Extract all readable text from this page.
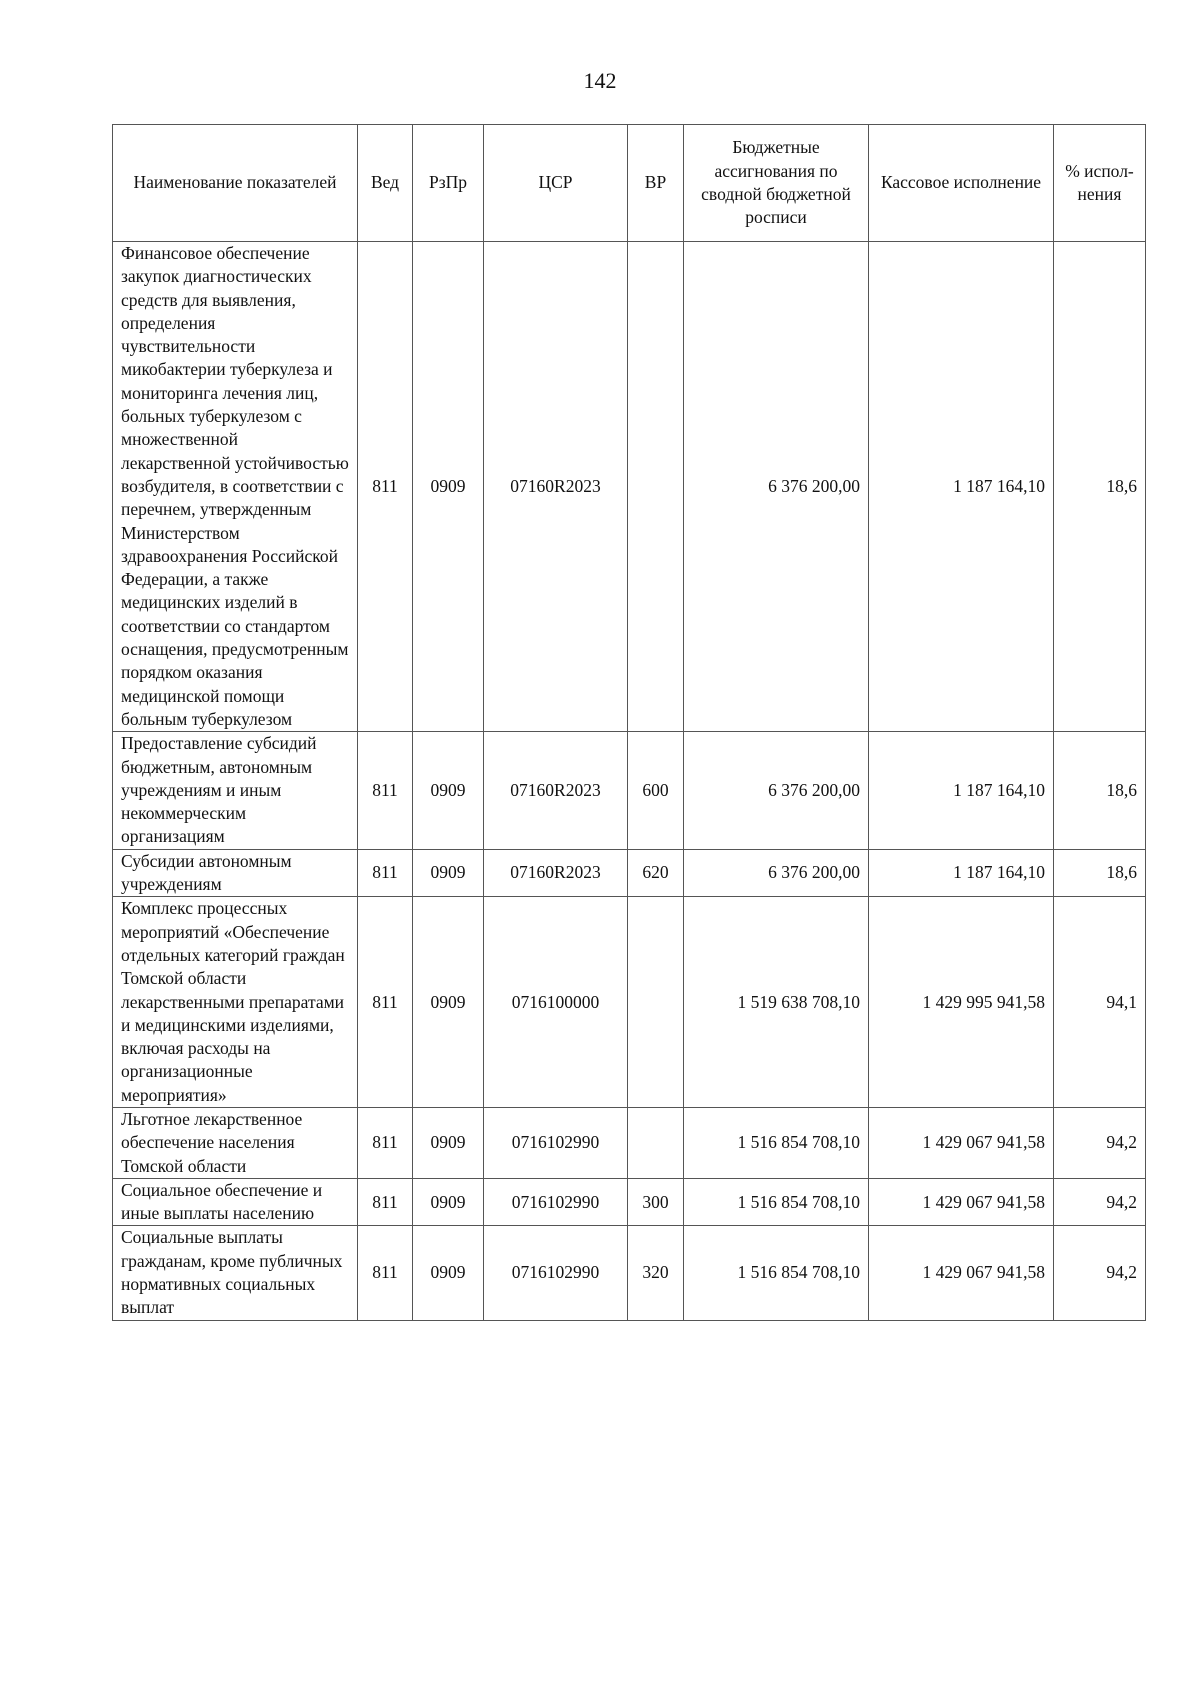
142
Наименование показателей	Вед	РзПр	ЦСР	ВР	Бюджетные ассигнования по сводной бюджетной росписи	Кассовое исполнение	% испол-нения
Финансовое обеспечение закупок диагностических средств для выявления, определения чувствительности микобактерии туберкулеза и мониторинга лечения лиц, больных туберкулезом с множественной лекарственной устойчивостью возбудителя, в соответствии с перечнем, утвержденным Министерством здравоохранения Российской Федерации, а также медицинских изделий в соответствии со стандартом оснащения, предусмотренным порядком оказания медицинской помощи больным туберкулезом	811	0909	07160R2023		6 376 200,00	1 187 164,10	18,6
Предоставление субсидий бюджетным, автономным учреждениям и иным некоммерческим организациям	811	0909	07160R2023	600	6 376 200,00	1 187 164,10	18,6
Субсидии автономным учреждениям	811	0909	07160R2023	620	6 376 200,00	1 187 164,10	18,6
Комплекс процессных мероприятий «Обеспечение отдельных категорий граждан Томской области лекарственными препаратами и медицинскими изделиями, включая расходы на организационные мероприятия»	811	0909	0716100000		1 519 638 708,10	1 429 995 941,58	94,1
Льготное лекарственное обеспечение населения Томской области	811	0909	0716102990		1 516 854 708,10	1 429 067 941,58	94,2
Социальное обеспечение и иные выплаты населению	811	0909	0716102990	300	1 516 854 708,10	1 429 067 941,58	94,2
Социальные выплаты гражданам, кроме публичных нормативных социальных выплат	811	0909	0716102990	320	1 516 854 708,10	1 429 067 941,58	94,2
